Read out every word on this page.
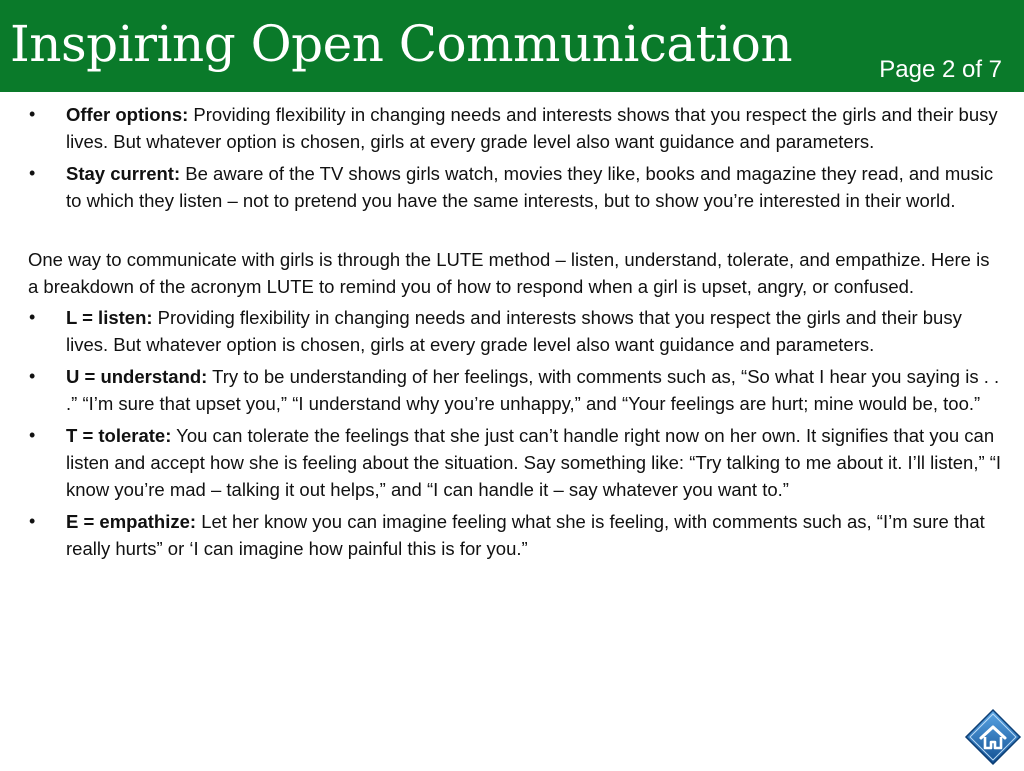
Inspiring Open Communication	Page 2 of 7
• Offer options: Providing flexibility in changing needs and interests shows that you respect the girls and their busy lives. But whatever option is chosen, girls at every grade level also want guidance and parameters.
• Stay current: Be aware of the TV shows girls watch, movies they like, books and magazine they read, and music to which they listen – not to pretend you have the same interests, but to show you’re interested in their world.

One way to communicate with girls is through the LUTE method – listen, understand, tolerate, and empathize. Here is a breakdown of the acronym LUTE to remind you of how to respond when a girl is upset, angry, or confused.

• L = listen: Providing flexibility in changing needs and interests shows that you respect the girls and their busy lives. But whatever option is chosen, girls at every grade level also want guidance and parameters.
• U = understand: Try to be understanding of her feelings, with comments such as, “So what I hear you saying is . . .” “I’m sure that upset you,” “I understand why you’re unhappy,” and “Your feelings are hurt; mine would be, too.”
• T = tolerate: You can tolerate the feelings that she just can’t handle right now on her own. It signifies that you can listen and accept how she is feeling about the situation. Say something like: “Try talking to me about it. I’ll listen,” “I know you’re mad – talking it out helps,” and “I can handle it – say whatever you want to.”
• E = empathize: Let her know you can imagine feeling what she is feeling, with comments such as, “I’m sure that really hurts” or ‘I can imagine how painful this is for you.”
